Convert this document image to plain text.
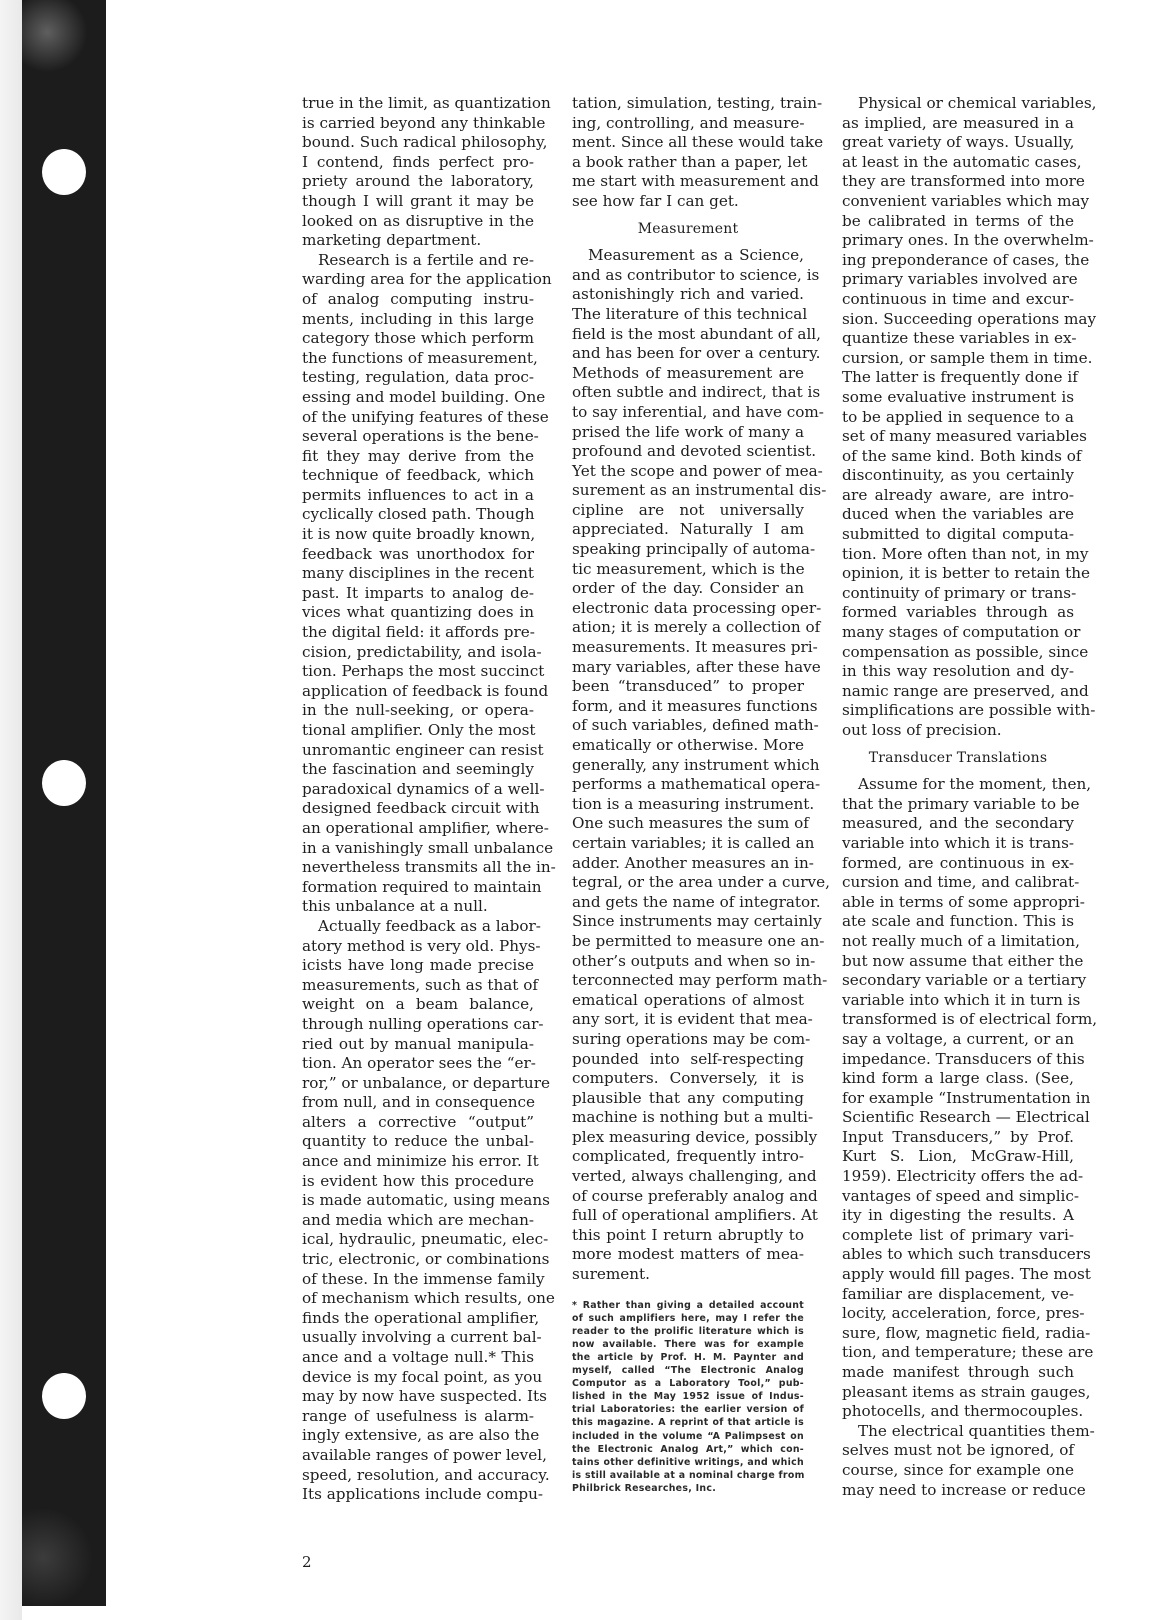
true in the limit, as quantization
is carried beyond any thinkable
bound. Such radical philosophy,
I contend, finds perfect pro-
priety around the laboratory,
though I will grant it may be
looked on as disruptive in the
marketing department.
Research is a fertile and re-
warding area for the application
of analog computing instru-
ments, including in this large
category those which perform
the functions of measurement,
testing, regulation, data proc-
essing and model building. One
of the unifying features of these
several operations is the bene-
fit they may derive from the
technique of feedback, which
permits influences to act in a
cyclically closed path. Though
it is now quite broadly known,
feedback was unorthodox for
many disciplines in the recent
past. It imparts to analog de-
vices what quantizing does in
the digital field: it affords pre-
cision, predictability, and isola-
tion. Perhaps the most succinct
application of feedback is found
in the null-seeking, or opera-
tional amplifier. Only the most
unromantic engineer can resist
the fascination and seemingly
paradoxical dynamics of a well-
designed feedback circuit with
an operational amplifier, where-
in a vanishingly small unbalance
nevertheless transmits all the in-
formation required to maintain
this unbalance at a null.
Actually feedback as a labor-
atory method is very old. Phys-
icists have long made precise
measurements, such as that of
weight on a beam balance,
through nulling operations car-
ried out by manual manipula-
tion. An operator sees the “er-
ror,” or unbalance, or departure
from null, and in consequence
alters a corrective “output”
quantity to reduce the unbal-
ance and minimize his error. It
is evident how this procedure
is made automatic, using means
and media which are mechan-
ical, hydraulic, pneumatic, elec-
tric, electronic, or combinations
of these. In the immense family
of mechanism which results, one
finds the operational amplifier,
usually involving a current bal-
ance and a voltage null.* This
device is my focal point, as you
may by now have suspected. Its
range of usefulness is alarm-
ingly extensive, as are also the
available ranges of power level,
speed, resolution, and accuracy.
Its applications include compu-
tation, simulation, testing, train-
ing, controlling, and measure-
ment. Since all these would take
a book rather than a paper, let
me start with measurement and
see how far I can get.
Measurement
Measurement as a Science,
and as contributor to science, is
astonishingly rich and varied.
The literature of this technical
field is the most abundant of all,
and has been for over a century.
Methods of measurement are
often subtle and indirect, that is
to say inferential, and have com-
prised the life work of many a
profound and devoted scientist.
Yet the scope and power of mea-
surement as an instrumental dis-
cipline are not universally
appreciated. Naturally I am
speaking principally of automa-
tic measurement, which is the
order of the day. Consider an
electronic data processing oper-
ation; it is merely a collection of
measurements. It measures pri-
mary variables, after these have
been “transduced” to proper
form, and it measures functions
of such variables, defined math-
ematically or otherwise. More
generally, any instrument which
performs a mathematical opera-
tion is a measuring instrument.
One such measures the sum of
certain variables; it is called an
adder. Another measures an in-
tegral, or the area under a curve,
and gets the name of integrator.
Since instruments may certainly
be permitted to measure one an-
other’s outputs and when so in-
terconnected may perform math-
ematical operations of almost
any sort, it is evident that mea-
suring operations may be com-
pounded into self-respecting
computers. Conversely, it is
plausible that any computing
machine is nothing but a multi-
plex measuring device, possibly
complicated, frequently intro-
verted, always challenging, and
of course preferably analog and
full of operational amplifiers. At
this point I return abruptly to
more modest matters of mea-
surement.
* Rather than giving a detailed account
of such amplifiers here, may I refer the
reader to the prolific literature which is
now available. There was for example
the article by Prof. H. M. Paynter and
myself, called “The Electronic Analog
Computor as a Laboratory Tool,” pub-
lished in the May 1952 issue of Indus-
trial Laboratories: the earlier version of
this magazine. A reprint of that article is
included in the volume “A Palimpsest on
the Electronic Analog Art,” which con-
tains other definitive writings, and which
is still available at a nominal charge from
Philbrick Researches, Inc.
Physical or chemical variables,
as implied, are measured in a
great variety of ways. Usually,
at least in the automatic cases,
they are transformed into more
convenient variables which may
be calibrated in terms of the
primary ones. In the overwhelm-
ing preponderance of cases, the
primary variables involved are
continuous in time and excur-
sion. Succeeding operations may
quantize these variables in ex-
cursion, or sample them in time.
The latter is frequently done if
some evaluative instrument is
to be applied in sequence to a
set of many measured variables
of the same kind. Both kinds of
discontinuity, as you certainly
are already aware, are intro-
duced when the variables are
submitted to digital computa-
tion. More often than not, in my
opinion, it is better to retain the
continuity of primary or trans-
formed variables through as
many stages of computation or
compensation as possible, since
in this way resolution and dy-
namic range are preserved, and
simplifications are possible with-
out loss of precision.
Transducer Translations
Assume for the moment, then,
that the primary variable to be
measured, and the secondary
variable into which it is trans-
formed, are continuous in ex-
cursion and time, and calibrat-
able in terms of some appropri-
ate scale and function. This is
not really much of a limitation,
but now assume that either the
secondary variable or a tertiary
variable into which it in turn is
transformed is of electrical form,
say a voltage, a current, or an
impedance. Transducers of this
kind form a large class. (See,
for example “Instrumentation in
Scientific Research — Electrical
Input Transducers,” by Prof.
Kurt S. Lion, McGraw-Hill,
1959). Electricity offers the ad-
vantages of speed and simplic-
ity in digesting the results. A
complete list of primary vari-
ables to which such transducers
apply would fill pages. The most
familiar are displacement, ve-
locity, acceleration, force, pres-
sure, flow, magnetic field, radia-
tion, and temperature; these are
made manifest through such
pleasant items as strain gauges,
photocells, and thermocouples.
The electrical quantities them-
selves must not be ignored, of
course, since for example one
may need to increase or reduce
2
